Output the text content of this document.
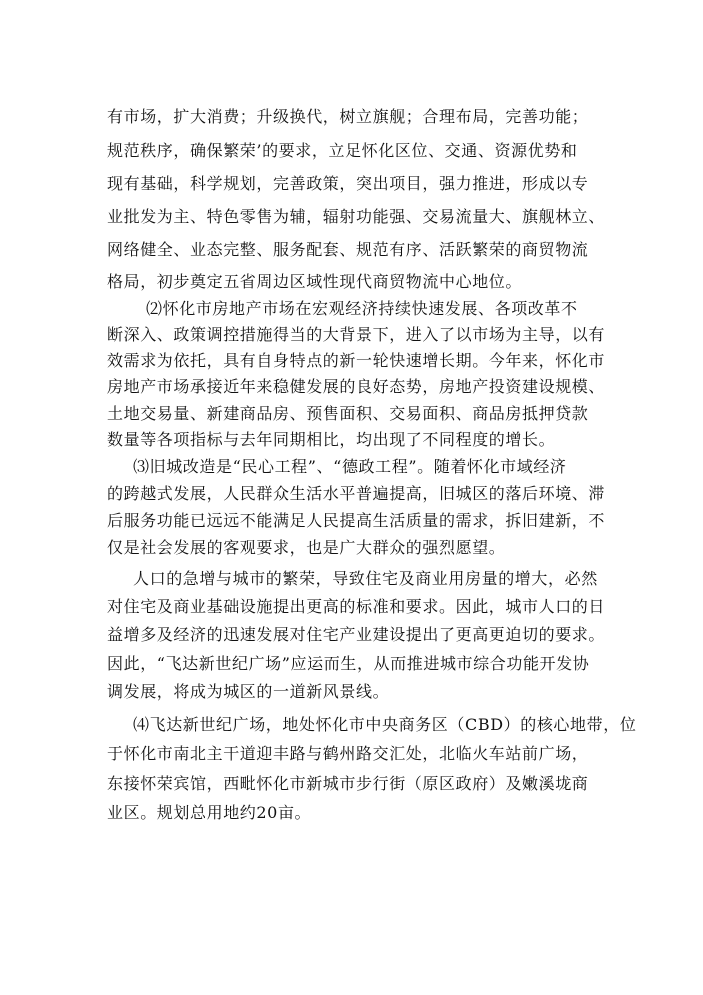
有市场，扩大消费；升级换代，树立旗舰；合理布局，完善功能；
规范秩序，确保繁荣’的要求，立足怀化区位、交通、资源优势和
现有基础，科学规划，完善政策，突出项目，强力推进，形成以专
业批发为主、特色零售为辅，辐射功能强、交易流量大、旗舰林立、
网络健全、业态完整、服务配套、规范有序、活跃繁荣的商贸物流
格局，初步奠定五省周边区域性现代商贸物流中心地位。
⑵怀化市房地产市场在宏观经济持续快速发展、各项改革不
断深入、政策调控措施得当的大背景下，进入了以市场为主导，以有
效需求为依托，具有自身特点的新一轮快速增长期。今年来，怀化市
房地产市场承接近年来稳健发展的良好态势，房地产投资建设规模、
土地交易量、新建商品房、预售面积、交易面积、商品房抵押贷款
数量等各项指标与去年同期相比，均出现了不同程度的增长。
⑶旧城改造是“民心工程”、“德政工程”。随着怀化市域经济
的跨越式发展，人民群众生活水平普遍提高，旧城区的落后环境、滞
后服务功能已远远不能满足人民提高生活质量的需求，拆旧建新，不
仅是社会发展的客观要求，也是广大群众的强烈愿望。
人口的急增与城市的繁荣，导致住宅及商业用房量的增大，必然
对住宅及商业基础设施提出更高的标准和要求。因此，城市人口的日
益增多及经济的迅速发展对住宅产业建设提出了更高更迫切的要求。
因此，“飞达新世纪广场”应运而生，从而推进城市综合功能开发协
调发展，将成为城区的一道新风景线。
⑷飞达新世纪广场，地处怀化市中央商务区（CBD）的核心地带，位
于怀化市南北主干道迎丰路与鹤州路交汇处，北临火车站前广场，
东接怀荣宾馆，西毗怀化市新城市步行街（原区政府）及嫩溪垅商
业区。规划总用地约20亩。
